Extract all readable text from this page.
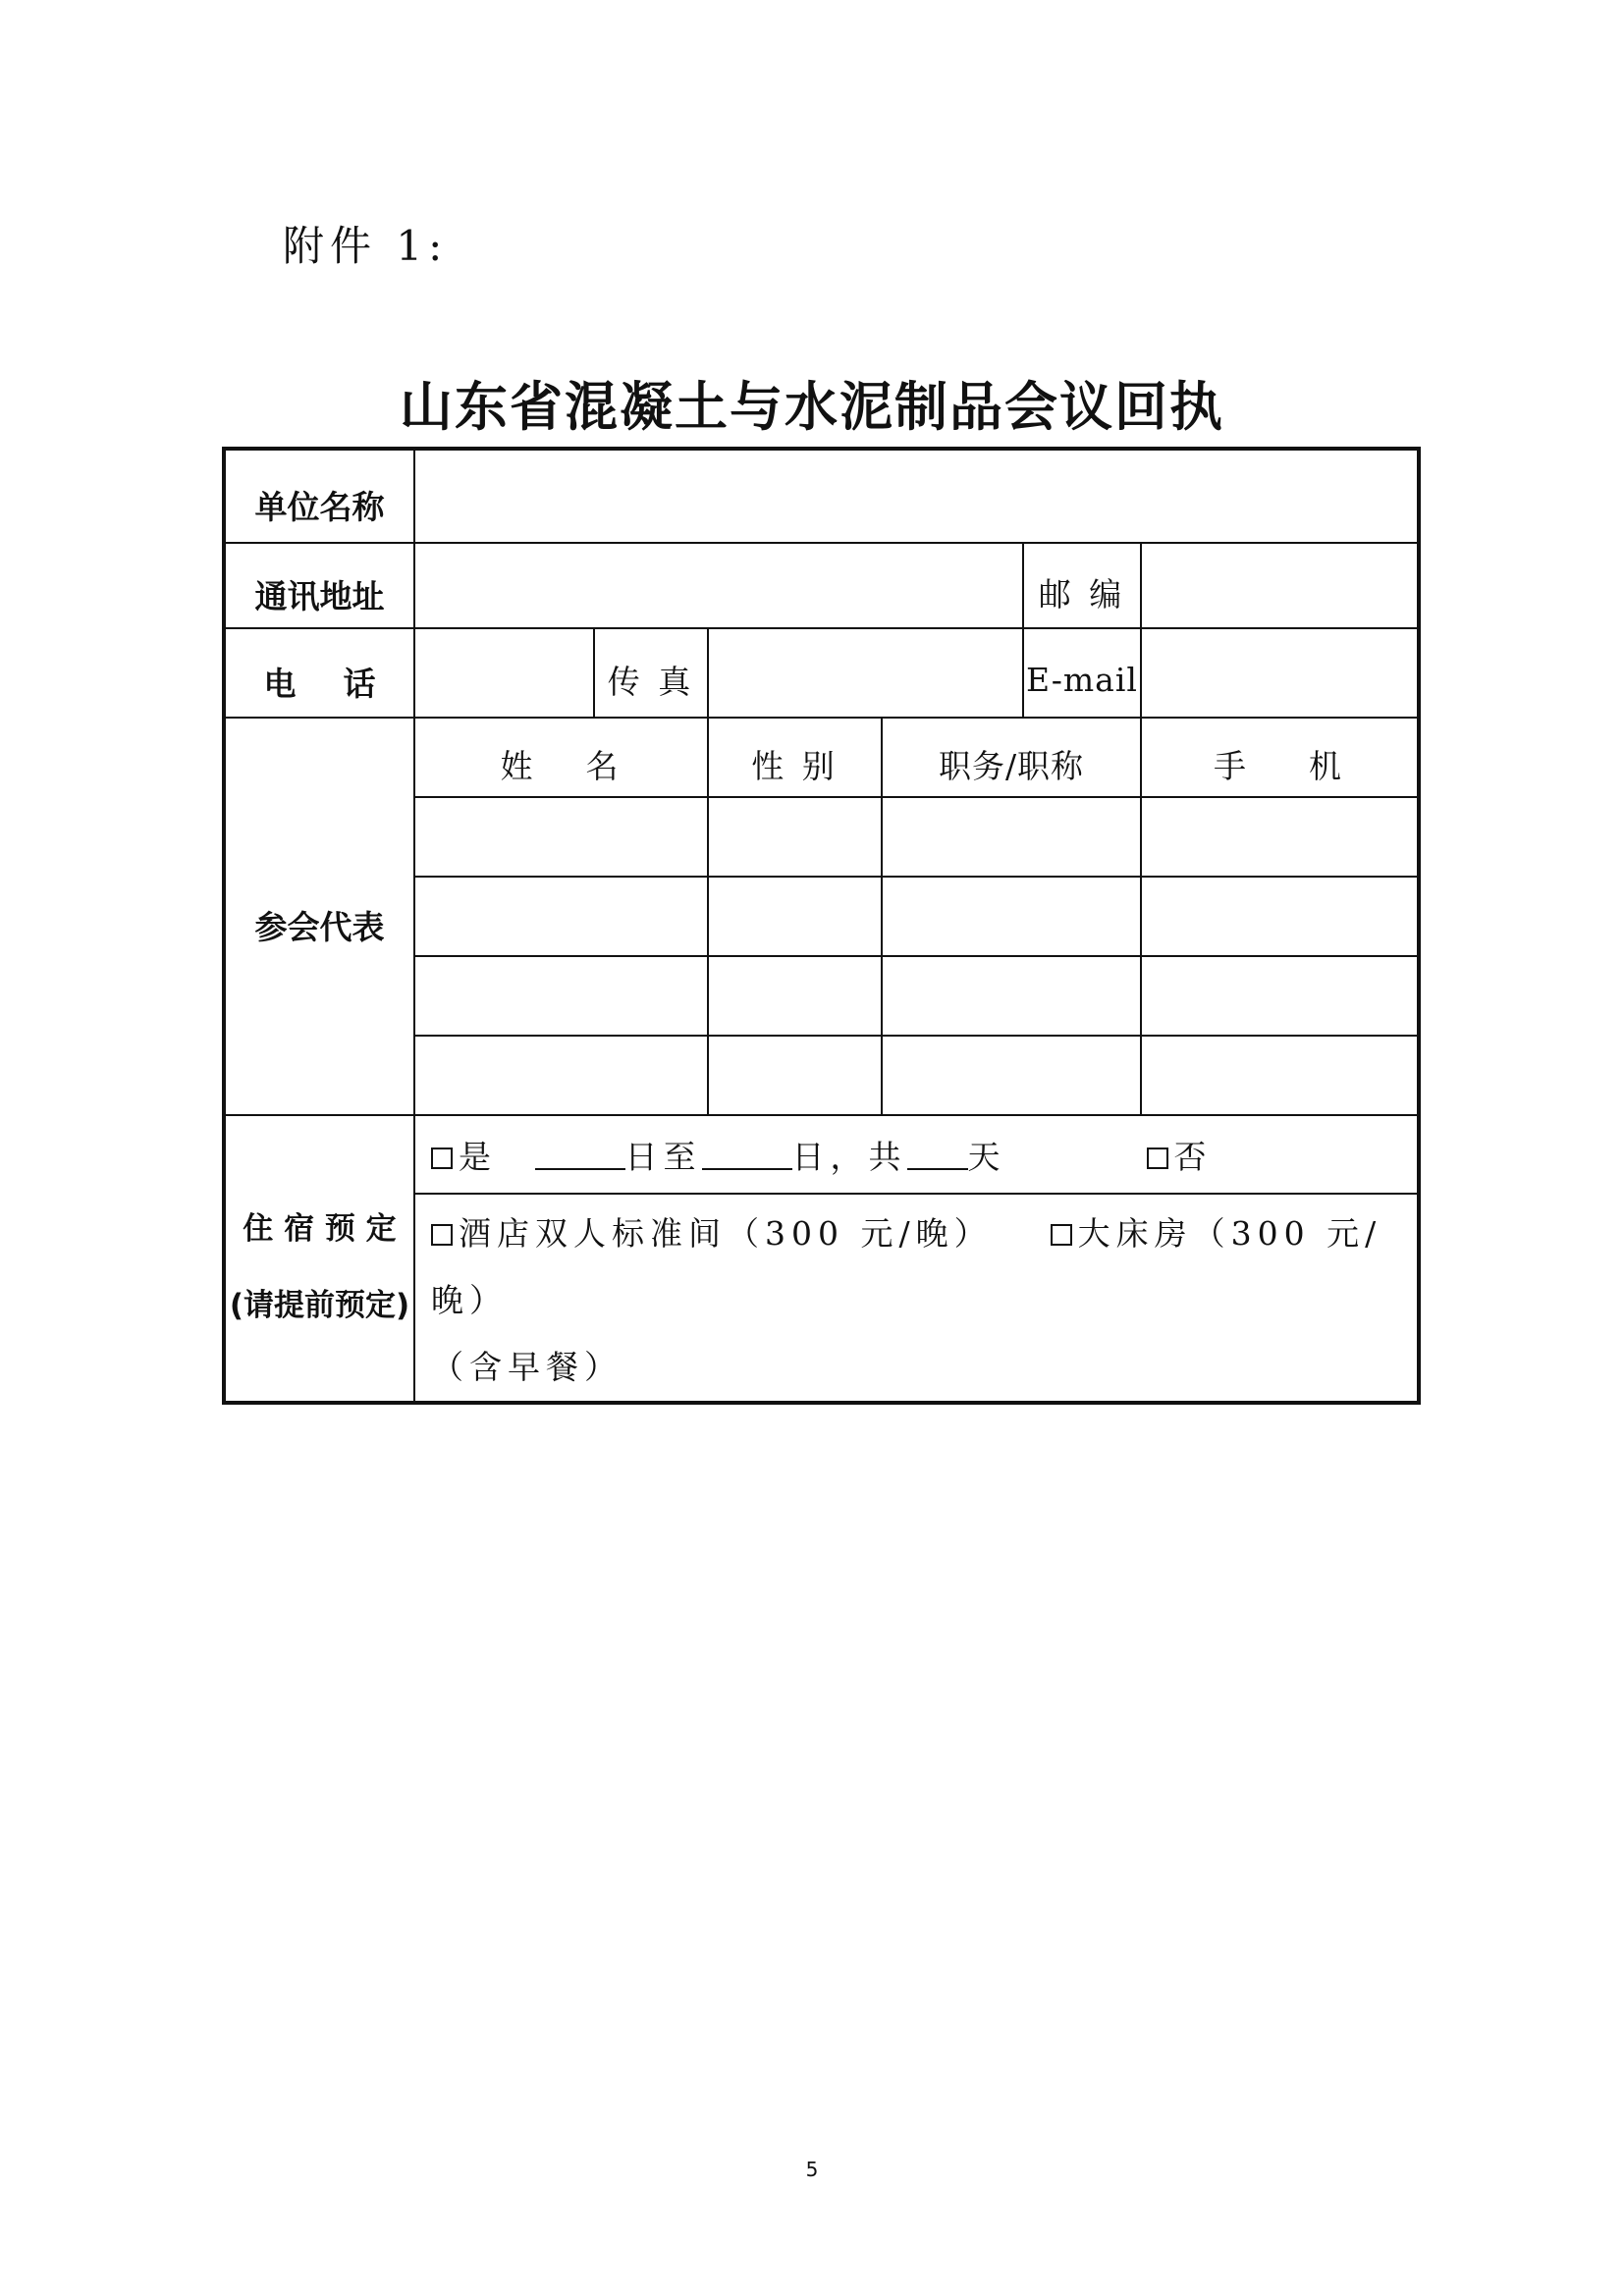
附件 1:
山东省混凝土与水泥制品会议回执
单位名称						
通讯地址					邮 编	
电 话		传 真			E-mail	
参会代表	姓 名		性 别	职务/职称		手 机

住 宿 预 定
(请提前预定)	是 日至 日，共 天 否					

	酒店双人标准间（300 元/晚） 大床房（300 元/晚）
（含早餐）					
5
